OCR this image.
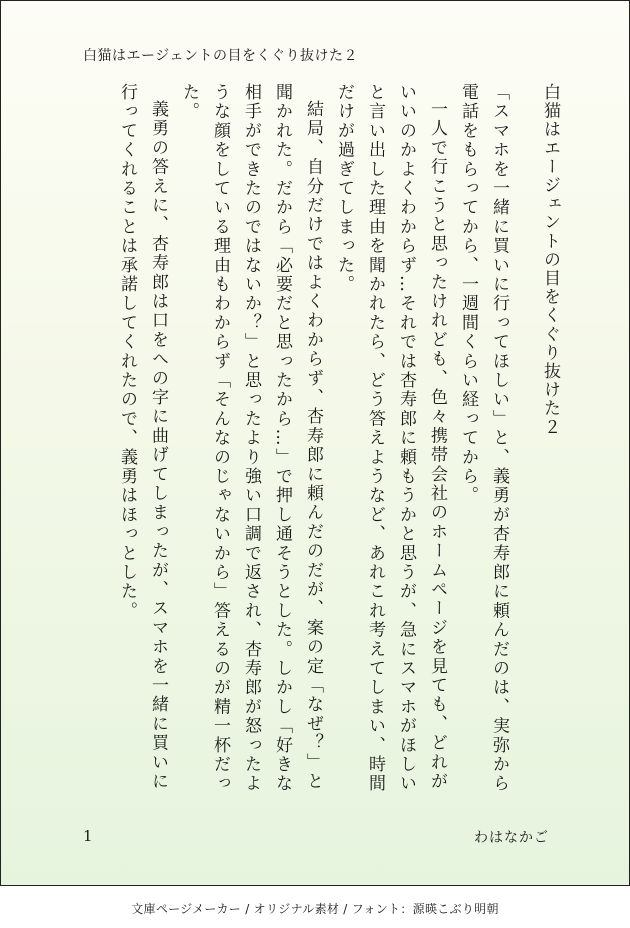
白猫はエージェントの目をくぐり抜けた２

白猫はエージェントの目をくぐり抜けた２

「スマホを一緒に買いに行ってほしい」と、義勇が杏寿郎に頼んだのは、実弥から電話をもらってから、一週間くらい経ってから。

一人で行こうと思ったけれども、色々携帯会社のホームページを見ても、どれがいいのかよくわからず…それでは杏寿郎に頼もうかと思うが、急にスマホがほしいと言い出した理由を聞かれたら、どう答えようなど、あれこれ考えてしまい、時間だけが過ぎてしまった。

結局、自分だけではよくわからず、杏寿郎に頼んだのだが、案の定「なぜ？」と聞かれた。だから「必要だと思ったから…」で押し通そうとした。しかし「好きな相手ができたのではないか？」と思ったより強い口調で返され、杏寿郎が怒ったような顔をしている理由もわからず「そんなのじゃないから」答えるのが精一杯だった。

義勇の答えに、杏寿郎は口をへの字に曲げてしまったが、スマホを一緒に買いに行ってくれることは承諾してくれたので、義勇はほっとした。

1	わはなかご
文庫ページメーカー / オリジナル素材 / フォント：源暎こぶり明朝
